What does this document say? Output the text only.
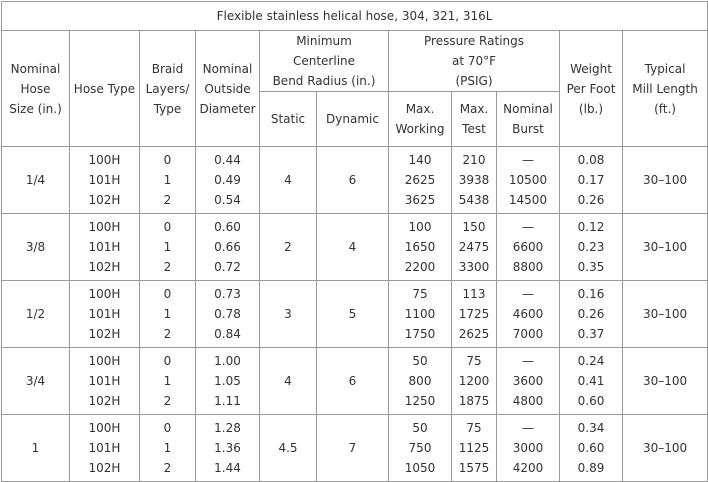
Flexible stainless helical hose, 304, 321, 316L										

Nominal
Hose
Size (in.)	Hose Type	Braid
Layers/
Type	Nominal
Outside
Diameter	Minimum
Centerline
Bend Radius (in.)		Pressure Ratings
at 70°F
(PSIG)			Weight
Per Foot
(lb.)	Typical
Mill Length
(ft.)

				Static	Dynamic	Max.
Working	Max.
Test	Nominal
Burst		

1/4	100H
101H
102H	0
1
2	0.44
0.49
0.54	4	6	140
2625
3625	210
3938
5438	—
10500
14500	0.08
0.17
0.26	30–100
3/8	100H
101H
102H	0
1
2	0.60
0.66
0.72	2	4	100
1650
2200	150
2475
3300	—
6600
8800	0.12
0.23
0.35	30–100
1/2	100H
101H
102H	0
1
2	0.73
0.78
0.84	3	5	75
1100
1750	113
1725
2625	—
4600
7000	0.16
0.26
0.37	30–100
3/4	100H
101H
102H	0
1
2	1.00
1.05
1.11	4	6	50
800
1250	75
1200
1875	—
3600
4800	0.24
0.41
0.60	30–100
1	100H
101H
102H	0
1
2	1.28
1.36
1.44	4.5	7	50
750
1050	75
1125
1575	—
3000
4200	0.34
0.60
0.89	30–100
